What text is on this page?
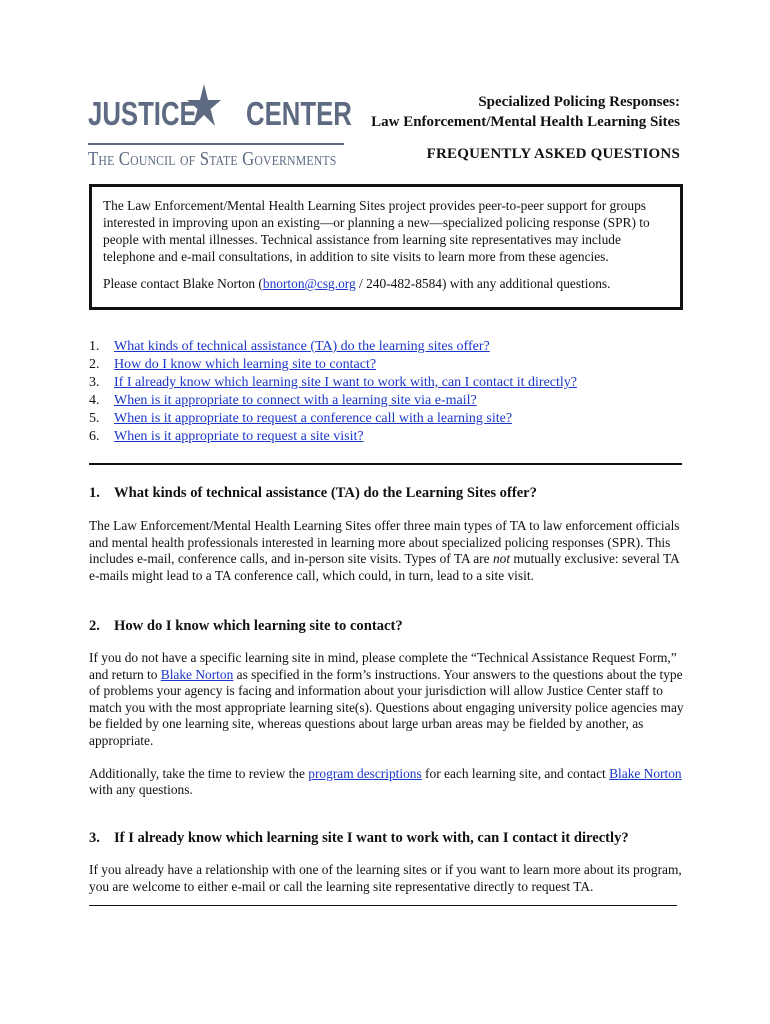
JUSTICE	CENTER
The Council of State Governments
Specialized Policing Responses:
Law Enforcement/Mental Health Learning Sites
FREQUENTLY ASKED QUESTIONS

The Law Enforcement/Mental Health Learning Sites project provides peer-to-peer support for groups interested in improving upon an existing—or planning a new—specialized policing response (SPR) to people with mental illnesses. Technical assistance from learning site representatives may include telephone and e-mail consultations, in addition to site visits to learn more from these agencies.

Please contact Blake Norton (bnorton@csg.org / 240-482-8584) with any additional questions.

1.	What kinds of technical assistance (TA) do the learning sites offer?
2.	How do I know which learning site to contact?
3.	If I already know which learning site I want to work with, can I contact it directly?
4.	When is it appropriate to connect with a learning site via e-mail?
5.	When is it appropriate to request a conference call with a learning site?
6.	When is it appropriate to request a site visit?
1. What kinds of technical assistance (TA) do the Learning Sites offer?

The Law Enforcement/Mental Health Learning Sites offer three main types of TA to law enforcement officials and mental health professionals interested in learning more about specialized policing responses (SPR). This includes e-mail, conference calls, and in-person site visits. Types of TA are not mutually exclusive: several TA e-mails might lead to a TA conference call, which could, in turn, lead to a site visit.

2. How do I know which learning site to contact?

If you do not have a specific learning site in mind, please complete the “Technical Assistance Request Form,” and return to Blake Norton as specified in the form’s instructions. Your answers to the questions about the type of problems your agency is facing and information about your jurisdiction will allow Justice Center staff to match you with the most appropriate learning site(s). Questions about engaging university police agencies may be fielded by one learning site, whereas questions about large urban areas may be fielded by another, as appropriate.

Additionally, take the time to review the program descriptions for each learning site, and contact Blake Norton with any questions.

3. If I already know which learning site I want to work with, can I contact it directly?

If you already have a relationship with one of the learning sites or if you want to learn more about its program, you are welcome to either e-mail or call the learning site representative directly to request TA.
